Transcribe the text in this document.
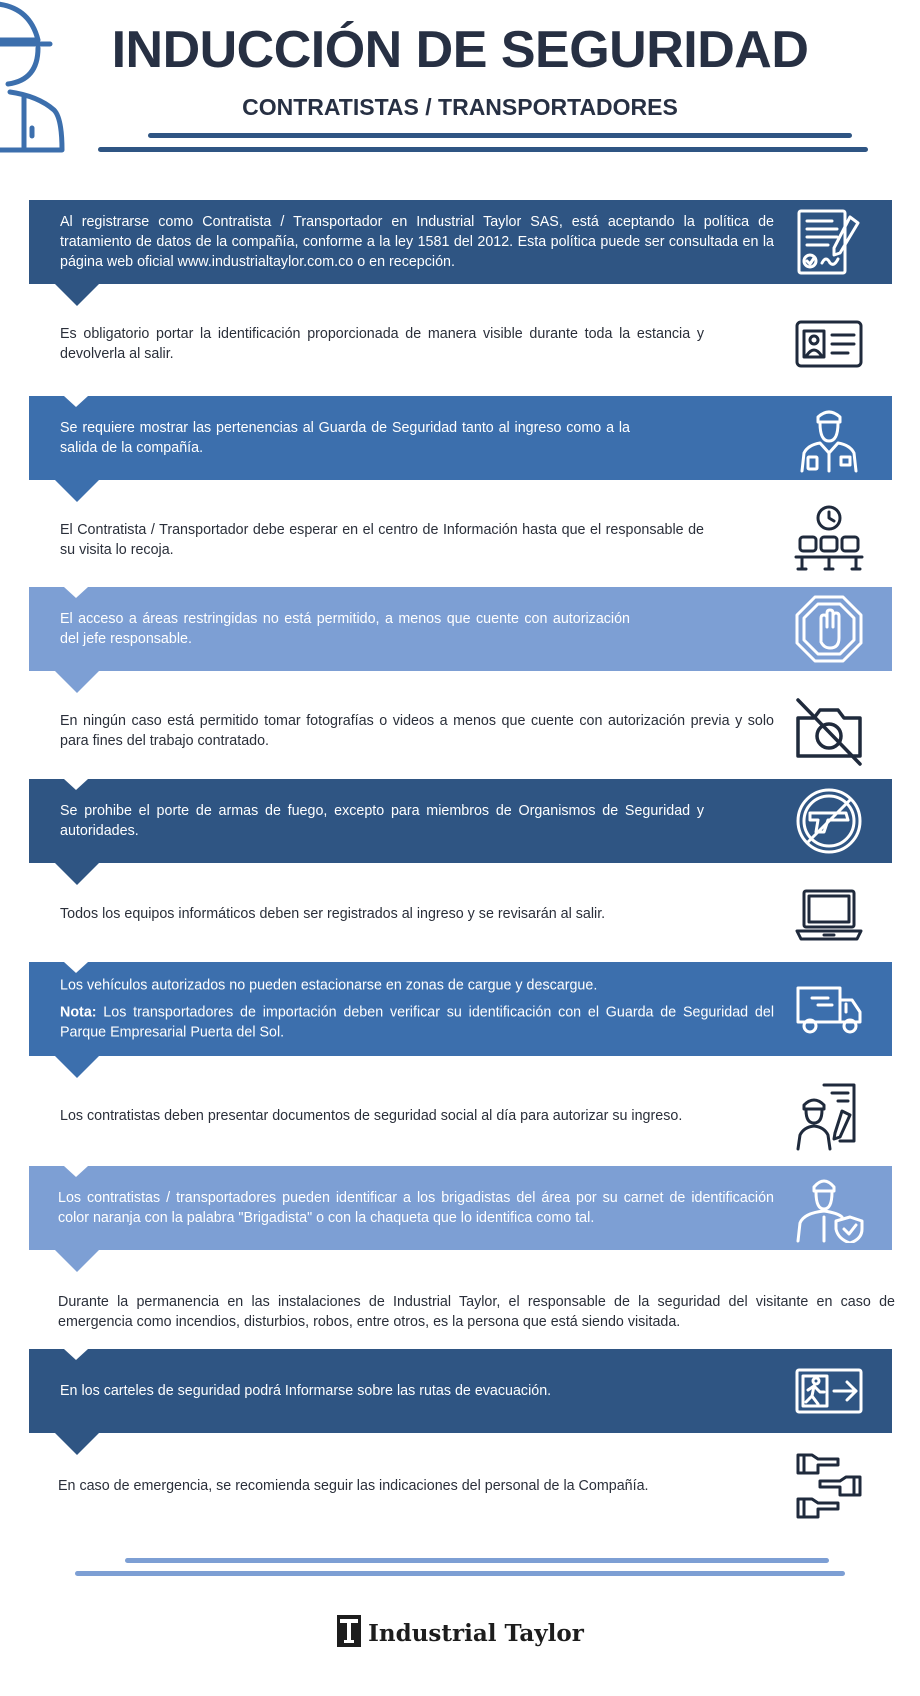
INDUCCIÓN DE SEGURIDAD
CONTRATISTAS / TRANSPORTADORES
Al registrarse como Contratista / Transportador en Industrial Taylor SAS, está aceptando la política de tratamiento de datos de la compañía, conforme a la ley 1581 del 2012. Esta política puede ser consultada en la página web oficial www.industrialtaylor.com.co o en recepción.
Es obligatorio portar la identificación proporcionada de manera visible durante toda la estancia y devolverla al salir.
Se requiere mostrar las pertenencias al Guarda de Seguridad tanto al ingreso como a la salida de la compañía.
El Contratista / Transportador debe esperar en el centro de Información hasta que el responsable de su visita lo recoja.
El acceso a áreas restringidas no está permitido, a menos que cuente con autorización del jefe responsable.
En ningún caso está permitido tomar fotografías o videos a menos que cuente con autorización previa y solo para fines del trabajo contratado.
Se prohibe el porte de armas de fuego, excepto para miembros de Organismos de Seguridad y autoridades.
Todos los equipos informáticos deben ser registrados al ingreso y se revisarán al salir.
Los vehículos autorizados no pueden estacionarse en zonas de cargue y descargue.
Nota: Los transportadores de importación deben verificar su identificación con el Guarda de Seguridad del Parque Empresarial Puerta del Sol.
Los contratistas deben presentar documentos de seguridad social al día para autorizar su ingreso.
Los contratistas / transportadores pueden identificar a los brigadistas del área por su carnet de identificación color naranja con la palabra "Brigadista" o con la chaqueta que lo identifica como tal.
Durante la permanencia en las instalaciones de Industrial Taylor, el responsable de la seguridad del visitante en caso de emergencia como incendios, disturbios, robos, entre otros, es la persona que está siendo visitada.
En los carteles de seguridad podrá Informarse sobre las rutas de evacuación.
En caso de emergencia, se recomienda seguir las indicaciones del personal de la Compañía.
Industrial Taylor
